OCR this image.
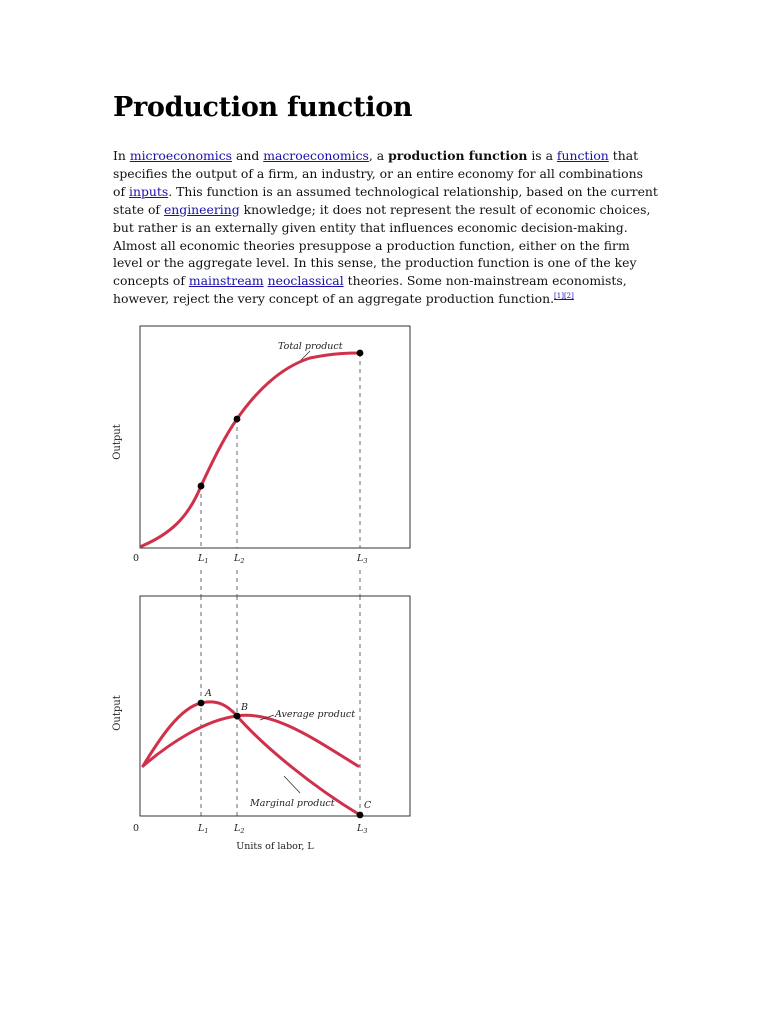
Production function

In microeconomics and macroeconomics, a production function is a function that specifies the output of a firm, an industry, or an entire economy for all combinations of inputs. This function is an assumed technological relationship, based on the current state of engineering knowledge; it does not represent the result of economic choices, but rather is an externally given entity that influences economic decision-making. Almost all economic theories presuppose a production function, either on the firm level or the aggregate level. In this sense, the production function is one of the key concepts of mainstream neoclassical theories. Some non-mainstream economists, however, reject the very concept of an aggregate production function.[1][2]

Output
Total product
0	$L_1$	$L_2$	$L_3$
Output
A
B
C
Average product
Marginal product
0	$L_1$	$L_2$	$L_3$
Units of labor, L
